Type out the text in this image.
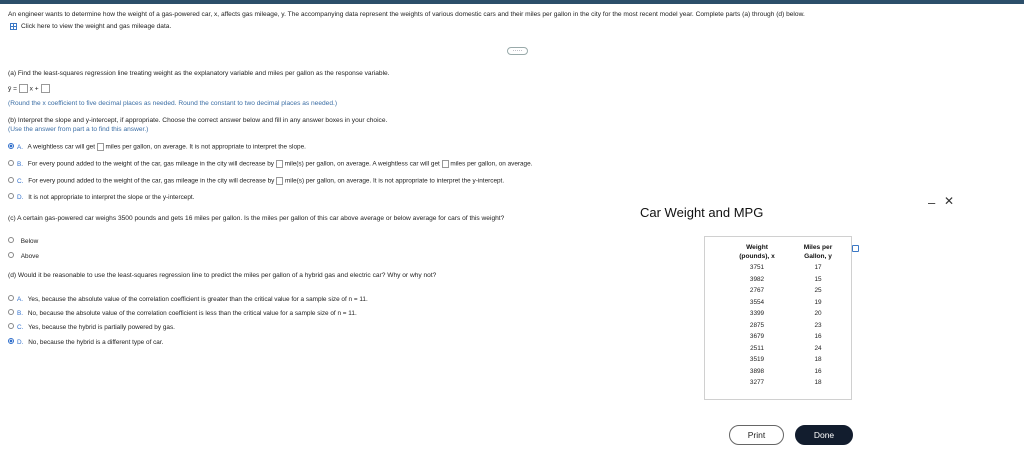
An engineer wants to determine how the weight of a gas-powered car, x, affects gas mileage, y. The accompanying data represent the weights of various domestic cars and their miles per gallon in the city for the most recent model year. Complete parts (a) through (d) below.
Click here to view the weight and gas mileage data.
·····
(a) Find the least-squares regression line treating weight as the explanatory variable and miles per gallon as the response variable.
ŷ = x +
(Round the x coefficient to five decimal places as needed. Round the constant to two decimal places as needed.)
(b) Interpret the slope and y-intercept, if appropriate. Choose the correct answer below and fill in any answer boxes in your choice.
(Use the answer from part a to find this answer.)
A. A weightless car will get miles per gallon, on average. It is not appropriate to interpret the slope.
B. For every pound added to the weight of the car, gas mileage in the city will decrease by mile(s) per gallon, on average. A weightless car will get miles per gallon, on average.
C. For every pound added to the weight of the car, gas mileage in the city will decrease by mile(s) per gallon, on average. It is not appropriate to interpret the y-intercept.
D. It is not appropriate to interpret the slope or the y-intercept.
(c) A certain gas-powered car weighs 3500 pounds and gets 16 miles per gallon. Is the miles per gallon of this car above average or below average for cars of this weight?
Below
Above
(d) Would it be reasonable to use the least-squares regression line to predict the miles per gallon of a hybrid gas and electric car? Why or why not?
A. Yes, because the absolute value of the correlation coefficient is greater than the critical value for a sample size of n = 11.
B. No, because the absolute value of the correlation coefficient is less than the critical value for a sample size of n = 11.
C. Yes, because the hybrid is partially powered by gas.
D. No, because the hybrid is a different type of car.
Car Weight and MPG
– ✕
Weight
(pounds), x
Miles per
Gallon, y
3751	17
3982	15
2767	25
3554	19
3399	20
2875	23
3679	16
2511	24
3519	18
3898	16
3277	18
Print	Done
